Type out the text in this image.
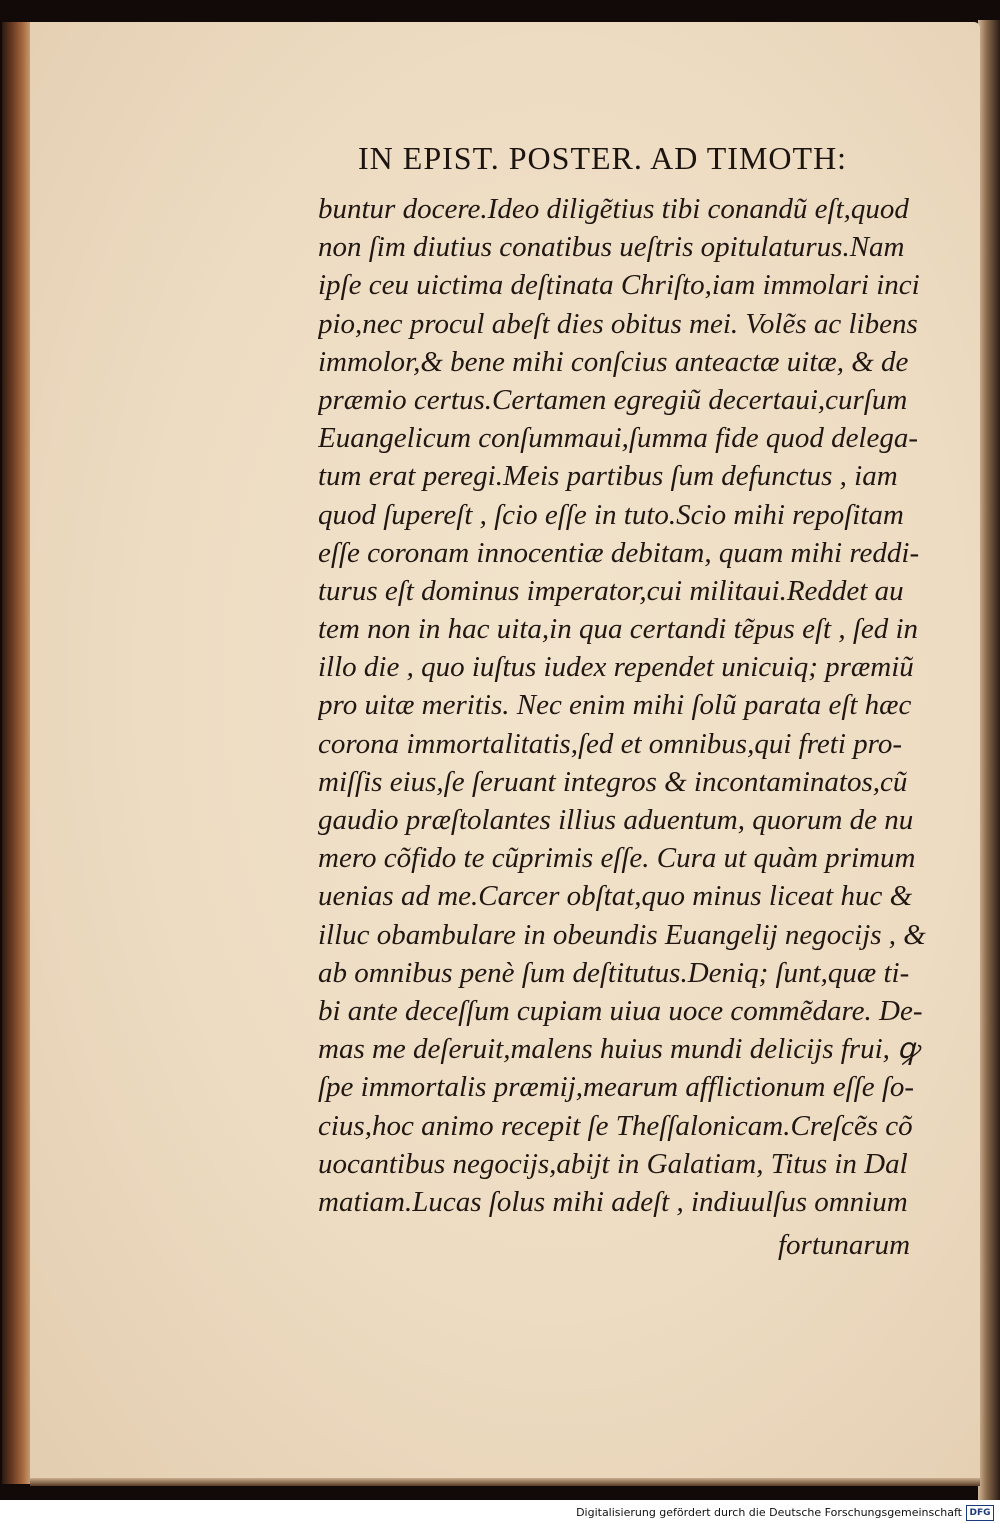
IN EPIST. POSTER. AD TIMOTH:
buntur docere.Ideo diligẽtius tibi conandũ eſt,quod
non ſim diutius conatibus ueſtris opitulaturus.Nam
ipſe ceu uictima deſtinata Chriſto,iam immolari inci
pio,nec procul abeſt dies obitus mei. Volẽs ac libens
immolor,& bene mihi conſcius anteactæ uitæ, & de
præmio certus.Certamen egregiũ decertaui,curſum
Euangelicum conſummaui,ſumma fide quod delega-
tum erat peregi.Meis partibus ſum defunctus , iam
quod ſupereſt , ſcio eſſe in tuto.Scio mihi repoſitam
eſſe coronam innocentiæ debitam, quam mihi reddi-
turus eſt dominus imperator,cui militaui.Reddet au
tem non in hac uita,in qua certandi tẽpus eſt , ſed in
illo die , quo iuſtus iudex rependet unicuiq; præmiũ
pro uitæ meritis. Nec enim mihi ſolũ parata eſt hæc
corona immortalitatis,ſed et omnibus,qui freti pro-
miſſis eius,ſe ſeruant integros & incontaminatos,cũ
gaudio præſtolantes illius aduentum, quorum de nu
mero cõfido te cũprimis eſſe. Cura ut quàm primum
uenias ad me.Carcer obſtat,quo minus liceat huc &
illuc obambulare in obeundis Euangelij negocijs , &
ab omnibus penè ſum deſtitutus.Deniq; ſunt,quæ ti-
bi ante deceſſum cupiam uiua uoce commẽdare. De-
mas me deſeruit,malens huius mundi delicijs frui, ꝙ
ſpe immortalis præmij,mearum afflictionum eſſe ſo-
cius,hoc animo recepit ſe Theſſalonicam.Creſcẽs cõ
uocantibus negocijs,abijt in Galatiam, Titus in Dal
matiam.Lucas ſolus mihi adeſt , indiuulſus omnium
fortunarum
Digitalisierung gefördert durch die Deutsche Forschungsgemeinschaft DFG
